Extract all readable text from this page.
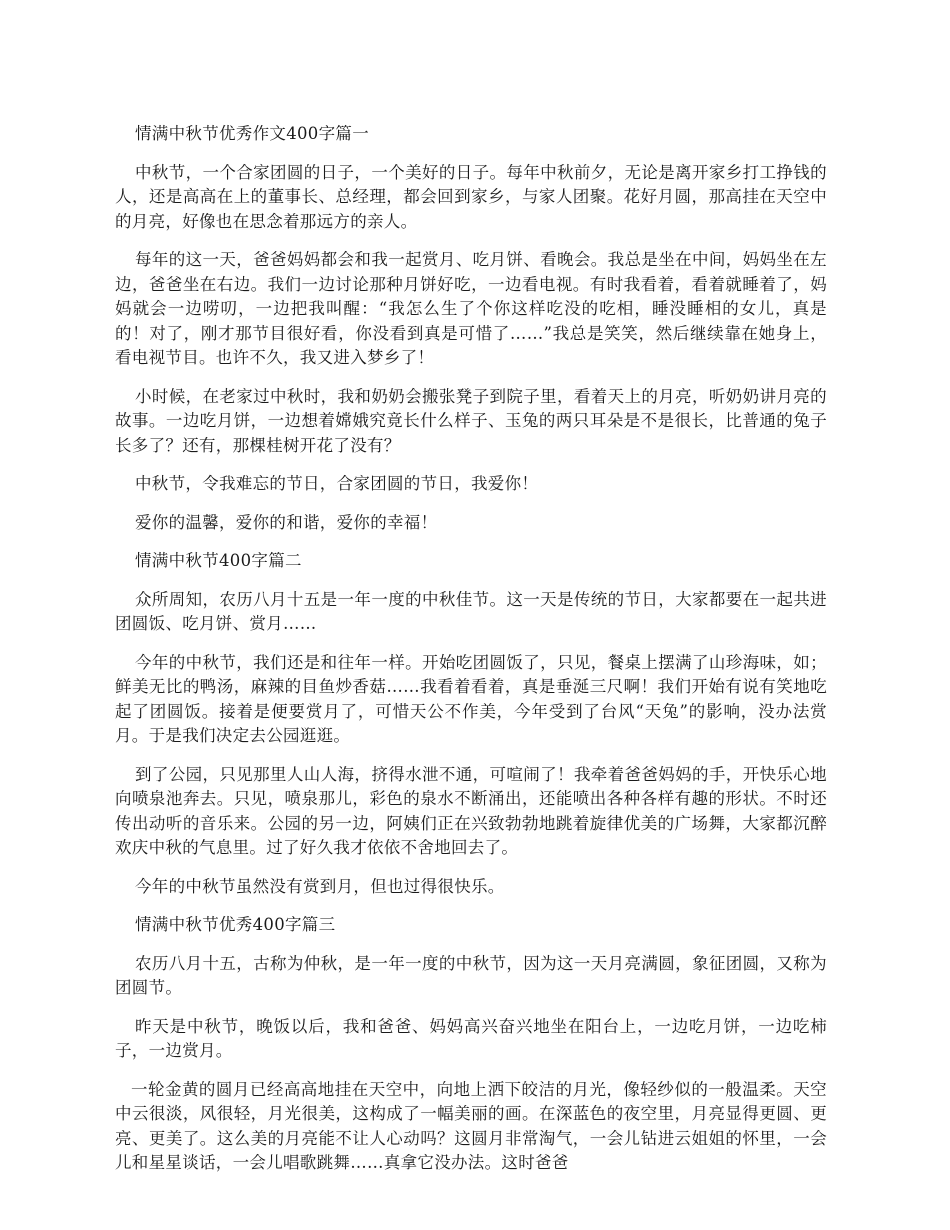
情满中秋节优秀作文400字篇一

中秋节，一个合家团圆的日子，一个美好的日子。每年中秋前夕，无论是离开家乡打工挣钱的人，还是高高在上的董事长、总经理，都会回到家乡，与家人团聚。花好月圆，那高挂在天空中的月亮，好像也在思念着那远方的亲人。

每年的这一天，爸爸妈妈都会和我一起赏月、吃月饼、看晚会。我总是坐在中间，妈妈坐在左边，爸爸坐在右边。我们一边讨论那种月饼好吃，一边看电视。有时我看着，看着就睡着了，妈妈就会一边唠叨，一边把我叫醒：“我怎么生了个你这样吃没的吃相，睡没睡相的女儿，真是的！对了，刚才那节目很好看，你没看到真是可惜了……”我总是笑笑，然后继续靠在她身上，看电视节目。也许不久，我又进入梦乡了！

小时候，在老家过中秋时，我和奶奶会搬张凳子到院子里，看着天上的月亮，听奶奶讲月亮的故事。一边吃月饼，一边想着嫦娥究竟长什么样子、玉兔的两只耳朵是不是很长，比普通的兔子长多了？还有，那棵桂树开花了没有？

中秋节，令我难忘的节日，合家团圆的节日，我爱你！

爱你的温馨，爱你的和谐，爱你的幸福！

情满中秋节400字篇二

众所周知，农历八月十五是一年一度的中秋佳节。这一天是传统的节日，大家都要在一起共进团圆饭、吃月饼、赏月……

今年的中秋节，我们还是和往年一样。开始吃团圆饭了，只见，餐桌上摆满了山珍海味，如；鲜美无比的鸭汤，麻辣的目鱼炒香菇……我看着看着，真是垂涎三尺啊！我们开始有说有笑地吃起了团圆饭。接着是便要赏月了，可惜天公不作美，今年受到了台风“天兔”的影响，没办法赏月。于是我们决定去公园逛逛。

到了公园，只见那里人山人海，挤得水泄不通，可喧闹了！我牵着爸爸妈妈的手，开快乐心地向喷泉池奔去。只见，喷泉那儿，彩色的泉水不断涌出，还能喷出各种各样有趣的形状。不时还传出动听的音乐来。公园的另一边，阿姨们正在兴致勃勃地跳着旋律优美的广场舞，大家都沉醉欢庆中秋的气息里。过了好久我才依依不舍地回去了。

今年的中秋节虽然没有赏到月，但也过得很快乐。

情满中秋节优秀400字篇三

农历八月十五，古称为仲秋，是一年一度的中秋节，因为这一天月亮满圆，象征团圆，又称为团圆节。

昨天是中秋节，晚饭以后，我和爸爸、妈妈高兴奋兴地坐在阳台上，一边吃月饼，一边吃柿子，一边赏月。

一轮金黄的圆月已经高高地挂在天空中，向地上洒下皎洁的月光，像轻纱似的一般温柔。天空中云很淡，风很轻，月光很美，这构成了一幅美丽的画。在深蓝色的夜空里，月亮显得更圆、更亮、更美了。这么美的月亮能不让人心动吗？这圆月非常淘气，一会儿钻进云姐姐的怀里，一会儿和星星谈话，一会儿唱歌跳舞……真拿它没办法。这时爸爸
